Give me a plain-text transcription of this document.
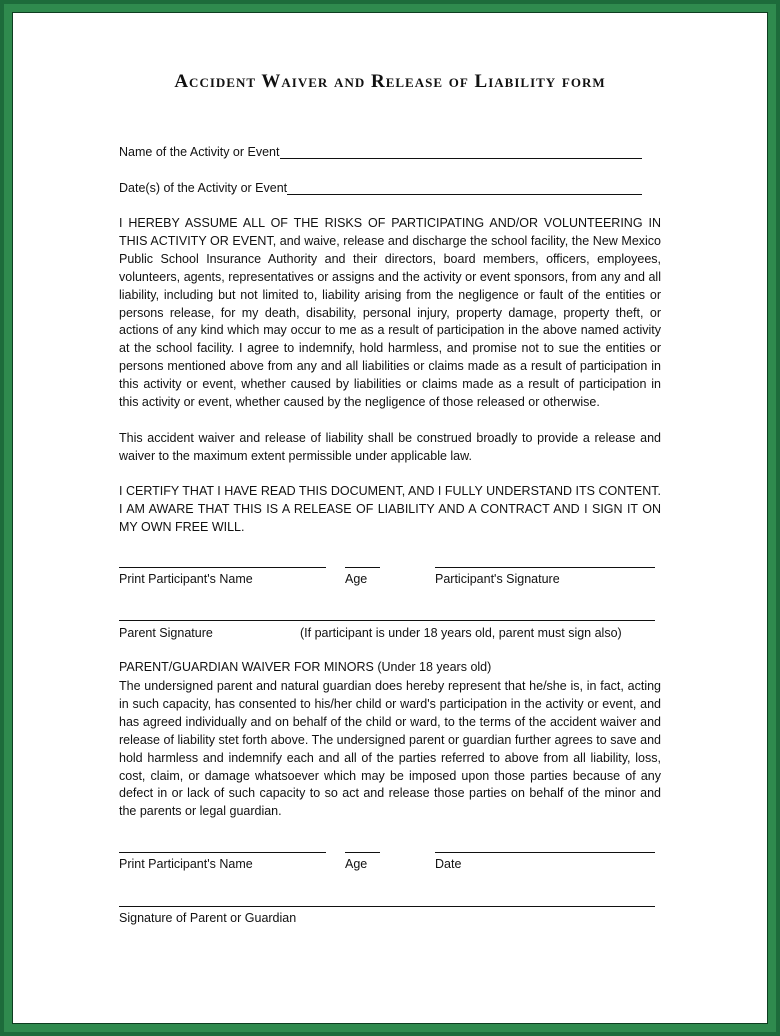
Accident Waiver and Release of Liability form
Name of the Activity or Event
Date(s) of the Activity or Event

I HEREBY ASSUME ALL OF THE RISKS OF PARTICIPATING AND/OR VOLUNTEERING IN THIS ACTIVITY OR EVENT, and waive, release and discharge the school facility, the New Mexico Public School Insurance Authority and their directors, board members, officers, employees, volunteers, agents, representatives or assigns and the activity or event sponsors, from any and all liability, including but not limited to, liability arising from the negligence or fault of the entities or persons release, for my death, disability, personal injury, property damage, property theft, or actions of any kind which may occur to me as a result of participation in the above named activity at the school facility. I agree to indemnify, hold harmless, and promise not to sue the entities or persons mentioned above from any and all liabilities or claims made as a result of participation in this activity or event, whether caused by liabilities or claims made as a result of participation in this activity or event, whether caused by the negligence of those released or otherwise.

This accident waiver and release of liability shall be construed broadly to provide a release and waiver to the maximum extent permissible under applicable law.

I CERTIFY THAT I HAVE READ THIS DOCUMENT, AND I FULLY UNDERSTAND ITS CONTENT. I AM AWARE THAT THIS IS A RELEASE OF LIABILITY AND A CONTRACT AND I SIGN IT ON MY OWN FREE WILL.

Print Participant's Name	Age	Participant's Signature
Parent Signature	(If participant is under 18 years old, parent must sign also)
PARENT/GUARDIAN WAIVER FOR MINORS (Under 18 years old)

The undersigned parent and natural guardian does hereby represent that he/she is, in fact, acting in such capacity, has consented to his/her child or ward's participation in the activity or event, and has agreed individually and on behalf of the child or ward, to the terms of the accident waiver and release of liability stet forth above. The undersigned parent or guardian further agrees to save and hold harmless and indemnify each and all of the parties referred to above from all liability, loss, cost, claim, or damage whatsoever which may be imposed upon those parties because of any defect in or lack of such capacity to so act and release those parties on behalf of the minor and the parents or legal guardian.

Print Participant's Name	Age	Date
Signature of Parent or Guardian
